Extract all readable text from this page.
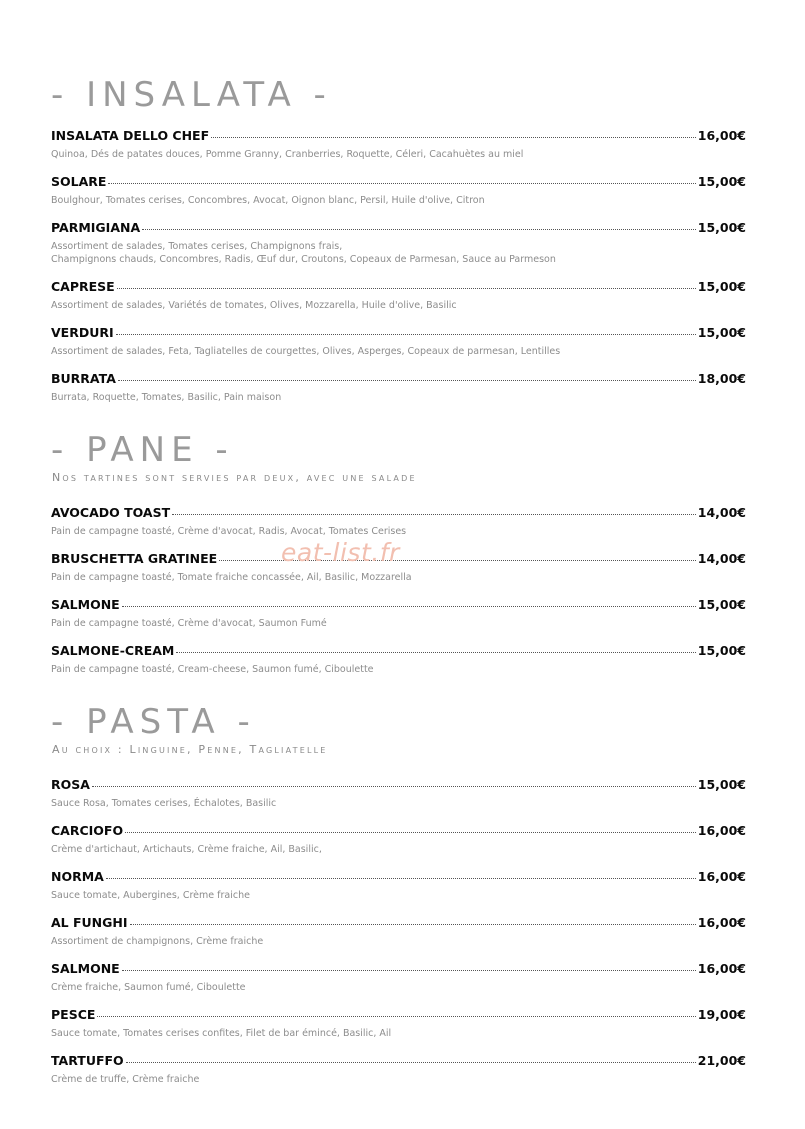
- INSALATA -
INSALATA DELLO CHEF	16,00€
Quinoa, Dés de patates douces, Pomme Granny, Cranberries, Roquette, Céleri, Cacahuètes au miel
SOLARE	15,00€
Boulghour, Tomates cerises, Concombres, Avocat, Oignon blanc, Persil, Huile d'olive, Citron
PARMIGIANA	15,00€
Assortiment de salades, Tomates cerises, Champignons frais,
Champignons chauds, Concombres, Radis, Œuf dur, Croutons, Copeaux de Parmesan, Sauce au Parmeson
CAPRESE	15,00€
Assortiment de salades, Variétés de tomates, Olives, Mozzarella, Huile d'olive, Basilic
VERDURI	15,00€
Assortiment de salades, Feta, Tagliatelles de courgettes, Olives, Asperges, Copeaux de parmesan, Lentilles
BURRATA	18,00€
Burrata, Roquette, Tomates, Basilic, Pain maison
- PANE -
Nos tartines sont servies par deux, avec une salade
AVOCADO TOAST	14,00€
Pain de campagne toasté, Crème d'avocat, Radis, Avocat, Tomates Cerises
BRUSCHETTA GRATINEE	14,00€
Pain de campagne toasté, Tomate fraiche concassée, Ail, Basilic, Mozzarella
SALMONE	15,00€
Pain de campagne toasté, Crème d'avocat, Saumon Fumé
SALMONE-CREAM	15,00€
Pain de campagne toasté, Cream-cheese, Saumon fumé, Ciboulette
- PASTA -
Au choix : Linguine, Penne, Tagliatelle
ROSA	15,00€
Sauce Rosa, Tomates cerises, Échalotes, Basilic
CARCIOFO	16,00€
Crème d'artichaut, Artichauts, Crème fraiche, Ail, Basilic,
NORMA	16,00€
Sauce tomate, Aubergines, Crème fraiche
AL FUNGHI	16,00€
Assortiment de champignons, Crème fraiche
SALMONE	16,00€
Crème fraiche, Saumon fumé, Ciboulette
PESCE	19,00€
Sauce tomate, Tomates cerises confites, Filet de bar émincé, Basilic, Ail
TARTUFFO	21,00€
Crème de truffe, Crème fraiche
eat-list.fr
